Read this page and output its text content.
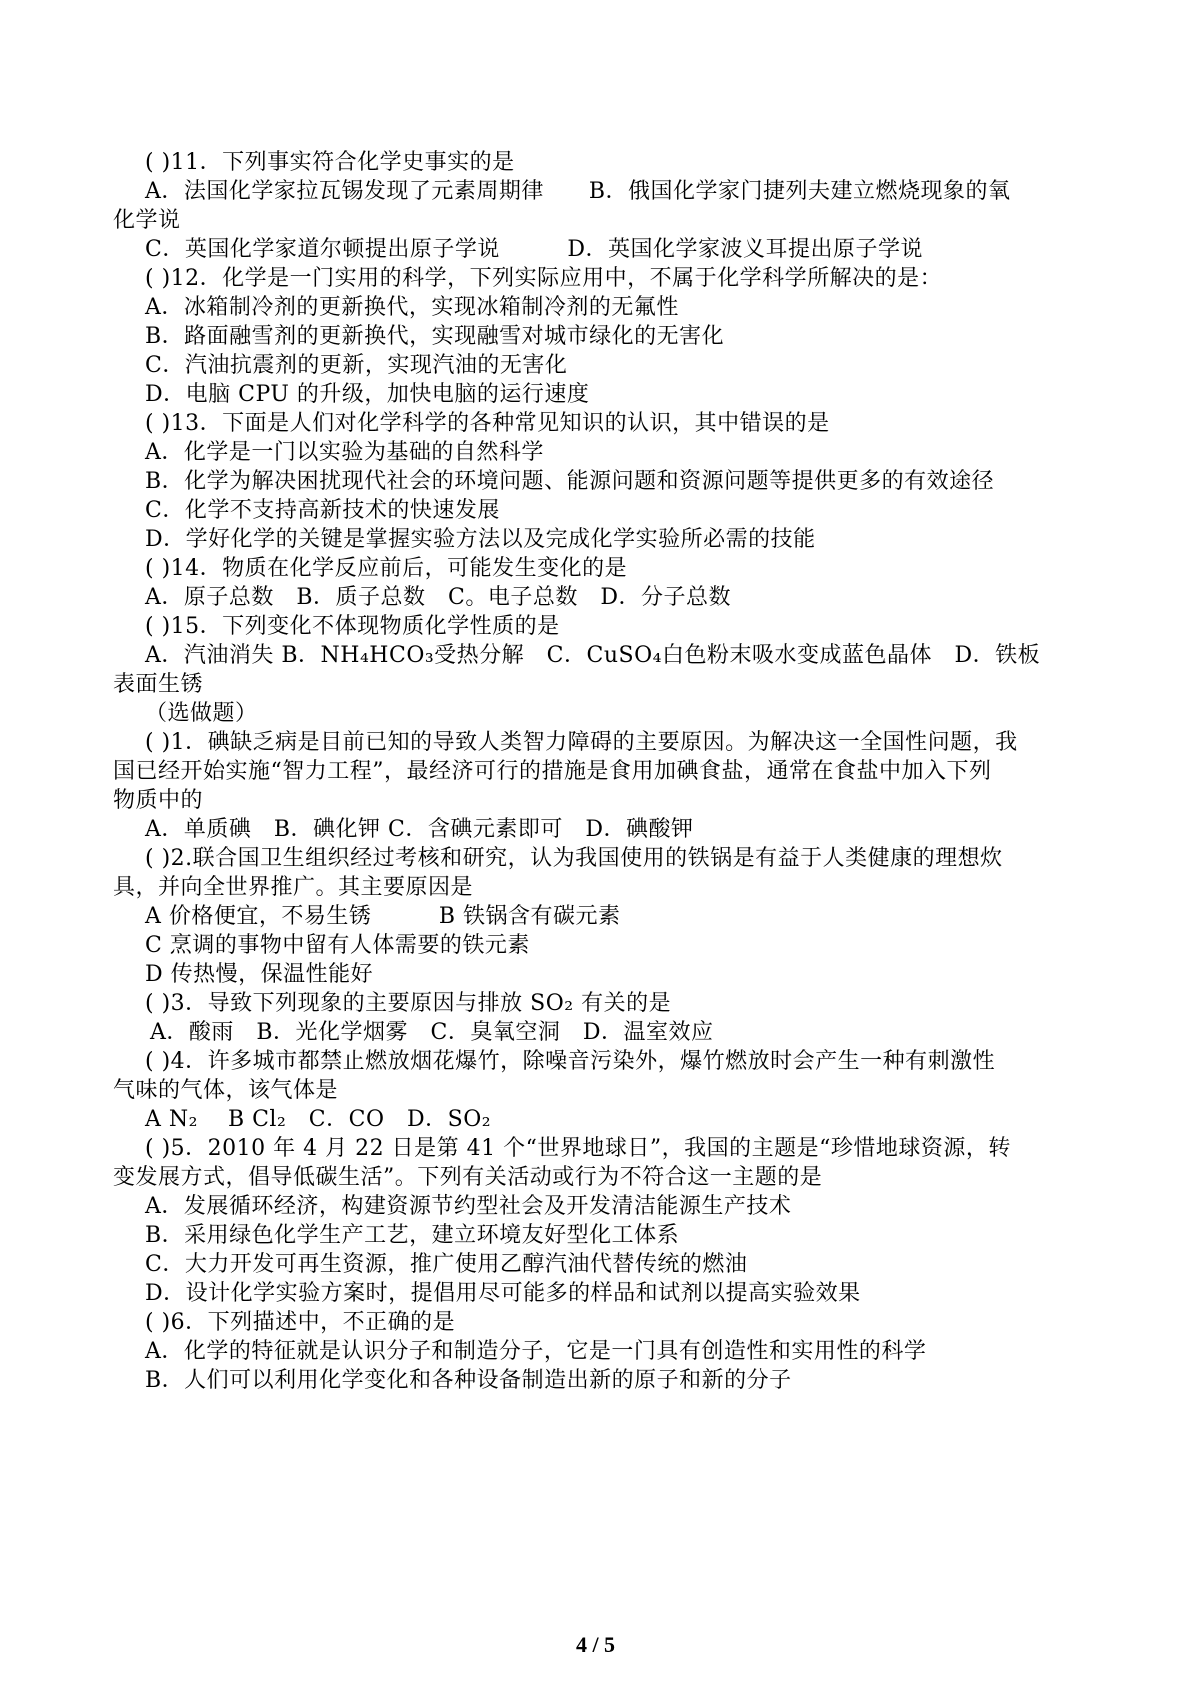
( )11．下列事实符合化学史事实的是
A．法国化学家拉瓦锡发现了元素周期律　　B．俄国化学家门捷列夫建立燃烧现象的氧
化学说
C．英国化学家道尔顿提出原子学说　　　D．英国化学家波义耳提出原子学说
( )12．化学是一门实用的科学，下列实际应用中，不属于化学科学所解决的是：
A．冰箱制冷剂的更新换代，实现冰箱制冷剂的无氟性
B．路面融雪剂的更新换代，实现融雪对城市绿化的无害化
C．汽油抗震剂的更新，实现汽油的无害化
D．电脑 CPU 的升级，加快电脑的运行速度
( )13．下面是人们对化学科学的各种常见知识的认识，其中错误的是
A．化学是一门以实验为基础的自然科学
B．化学为解决困扰现代社会的环境问题、能源问题和资源问题等提供更多的有效途径
C．化学不支持高新技术的快速发展
D．学好化学的关键是掌握实验方法以及完成化学实验所必需的技能
( )14．物质在化学反应前后，可能发生变化的是
A．原子总数　B．质子总数　C。电子总数　D．分子总数
( )15．下列变化不体现物质化学性质的是
A．汽油消失 B．NH₄HCO₃受热分解　C．CuSO₄白色粉末吸水变成蓝色晶体　D．铁板
表面生锈
（选做题）
( )1．碘缺乏病是目前已知的导致人类智力障碍的主要原因。为解决这一全国性问题，我
国已经开始实施“智力工程”，最经济可行的措施是食用加碘食盐，通常在食盐中加入下列
物质中的
A．单质碘　B．碘化钾 C．含碘元素即可　D．碘酸钾
( )2.联合国卫生组织经过考核和研究，认为我国使用的铁锅是有益于人类健康的理想炊
具，并向全世界推广。其主要原因是
A 价格便宜，不易生锈　　　B 铁锅含有碳元素
C 烹调的事物中留有人体需要的铁元素
D 传热慢，保温性能好
( )3．导致下列现象的主要原因与排放 SO₂ 有关的是
A．酸雨　B．光化学烟雾　C．臭氧空洞　D．温室效应
( )4．许多城市都禁止燃放烟花爆竹，除噪音污染外，爆竹燃放时会产生一种有刺激性
气味的气体，该气体是
A N₂　 B Cl₂　C．CO　D．SO₂
( )5．2010 年 4 月 22 日是第 41 个“世界地球日”，我国的主题是“珍惜地球资源，转
变发展方式，倡导低碳生活”。下列有关活动或行为不符合这一主题的是
A．发展循环经济，构建资源节约型社会及开发清洁能源生产技术
B．采用绿色化学生产工艺，建立环境友好型化工体系
C．大力开发可再生资源，推广使用乙醇汽油代替传统的燃油
D．设计化学实验方案时，提倡用尽可能多的样品和试剂以提高实验效果
( )6．下列描述中，不正确的是
A．化学的特征就是认识分子和制造分子，它是一门具有创造性和实用性的科学
B．人们可以利用化学变化和各种设备制造出新的原子和新的分子
4 / 5
